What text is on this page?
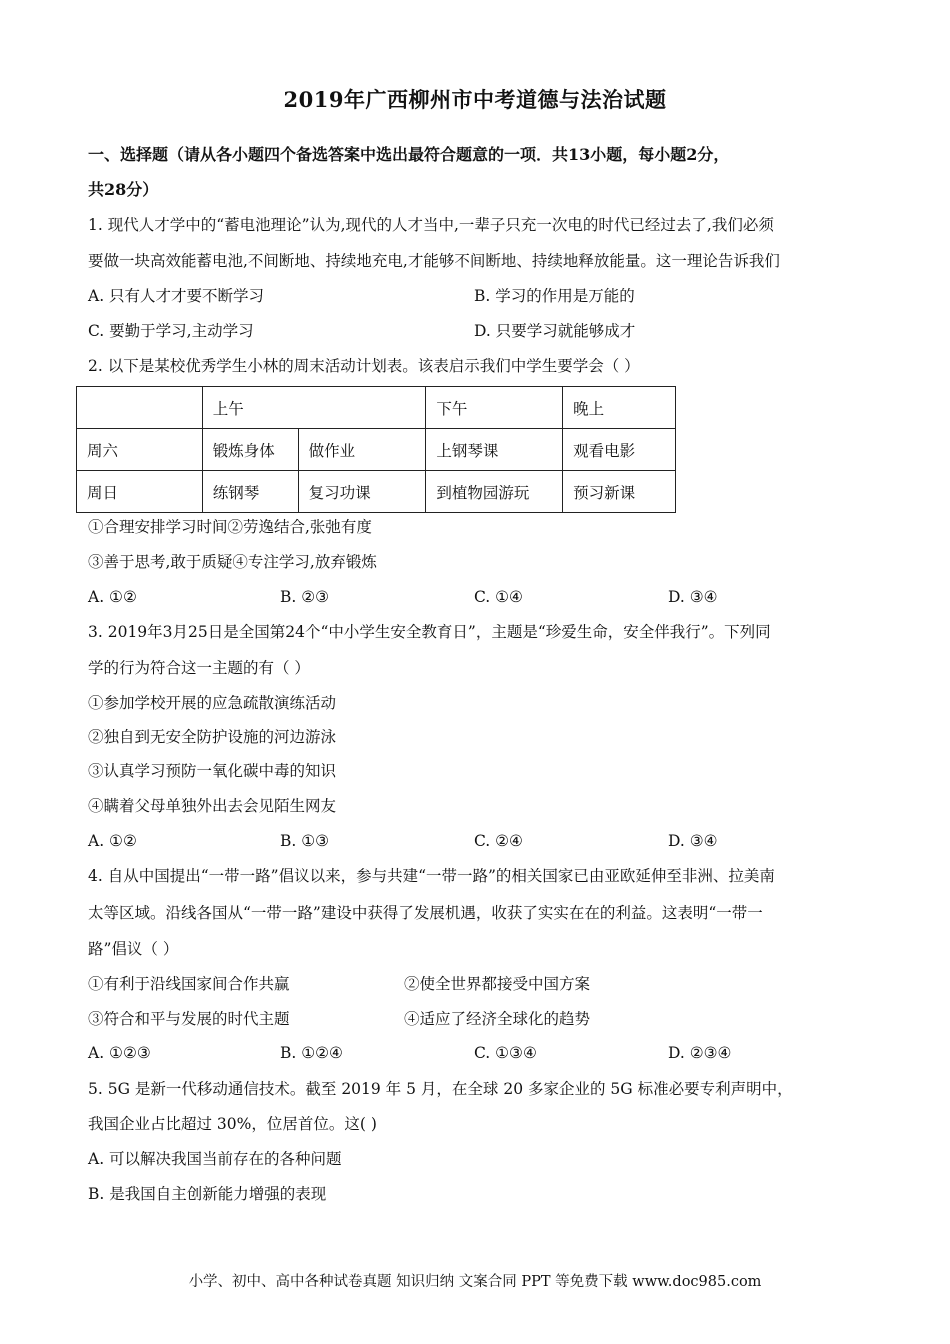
2019年广西柳州市中考道德与法治试题
一、选择题（请从各小题四个备选答案中选出最符合题意的一项．共13小题，每小题2分，
共28分）
1. 现代人才学中的“蓄电池理论”认为,现代的人才当中,一辈子只充一次电的时代已经过去了,我们必须
要做一块高效能蓄电池,不间断地、持续地充电,才能够不间断地、持续地释放能量。这一理论告诉我们
A. 只有人才才要不断学习	B. 学习的作用是万能的
C. 要勤于学习,主动学习	D. 只要学习就能够成才
2. 以下是某校优秀学生小林的周末活动计划表。该表启示我们中学生要学会（ ）
	上午		下午	晚上
周六	锻炼身体	做作业	上钢琴课	观看电影
周日	练钢琴	复习功课	到植物园游玩	预习新课
①合理安排学习时间②劳逸结合,张弛有度
③善于思考,敢于质疑④专注学习,放弃锻炼
A. ①②	B. ②③	C. ①④	D. ③④
3. 2019年3月25日是全国第24个“中小学生安全教育日”，主题是“珍爱生命，安全伴我行”。下列同
学的行为符合这一主题的有（ ）
①参加学校开展的应急疏散演练活动
②独自到无安全防护设施的河边游泳
③认真学习预防一氧化碳中毒的知识
④瞒着父母单独外出去会见陌生网友
A. ①②	B. ①③	C. ②④	D. ③④
4. 自从中国提出“一带一路”倡议以来，参与共建“一带一路”的相关国家已由亚欧延伸至非洲、拉美南
太等区域。沿线各国从“一带一路”建设中获得了发展机遇，收获了实实在在的利益。这表明“一带一
路”倡议（ ）
①有利于沿线国家间合作共赢	②使全世界都接受中国方案
③符合和平与发展的时代主题	④适应了经济全球化的趋势
A. ①②③	B. ①②④	C. ①③④	D. ②③④
5. 5G 是新一代移动通信技术。截至 2019 年 5 月，在全球 20 多家企业的 5G 标准必要专利声明中，
我国企业占比超过 30%，位居首位。这( )
A. 可以解决我国当前存在的各种问题
B. 是我国自主创新能力增强的表现
小学、初中、高中各种试卷真题 知识归纳 文案合同 PPT 等免费下载 www.doc985.com
